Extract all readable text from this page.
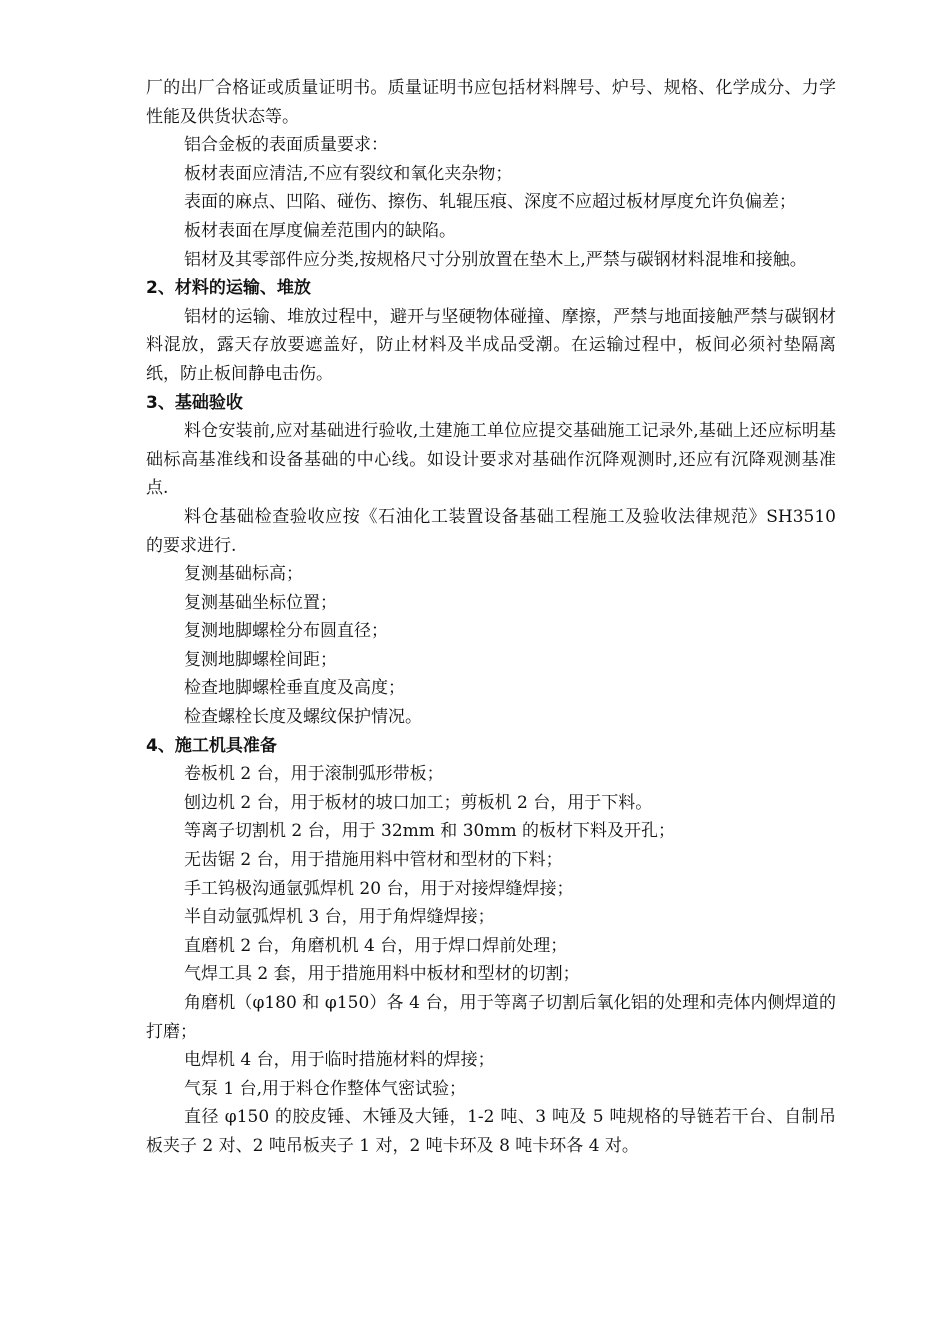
厂的出厂合格证或质量证明书。质量证明书应包括材料牌号、炉号、规格、化学成分、力学性能及供货状态等。

铝合金板的表面质量要求：

板材表面应清洁,不应有裂纹和氧化夹杂物；

表面的麻点、凹陷、碰伤、擦伤、轧辊压痕、深度不应超过板材厚度允许负偏差；

板材表面在厚度偏差范围内的缺陷。

铝材及其零部件应分类,按规格尺寸分别放置在垫木上,严禁与碳钢材料混堆和接触。

2、材料的运输、堆放

铝材的运输、堆放过程中，避开与坚硬物体碰撞、摩擦，严禁与地面接触严禁与碳钢材料混放，露天存放要遮盖好，防止材料及半成品受潮。在运输过程中，板间必须衬垫隔离纸，防止板间静电击伤。

3、基础验收

料仓安装前,应对基础进行验收,土建施工单位应提交基础施工记录外,基础上还应标明基础标高基准线和设备基础的中心线。如设计要求对基础作沉降观测时,还应有沉降观测基准点.

料仓基础检查验收应按《石油化工装置设备基础工程施工及验收法律规范》SH3510 的要求进行.

复测基础标高；

复测基础坐标位置；

复测地脚螺栓分布圆直径；

复测地脚螺栓间距；

检查地脚螺栓垂直度及高度；

检查螺栓长度及螺纹保护情况。

4、施工机具准备

卷板机 2 台，用于滚制弧形带板；

刨边机 2 台，用于板材的坡口加工；剪板机 2 台，用于下料。

等离子切割机 2 台，用于 32mm 和 30mm 的板材下料及开孔；

无齿锯 2 台，用于措施用料中管材和型材的下料；

手工钨极沟通氩弧焊机 20 台，用于对接焊缝焊接；

半自动氩弧焊机 3 台，用于角焊缝焊接；

直磨机 2 台，角磨机机 4 台，用于焊口焊前处理；

气焊工具 2 套，用于措施用料中板材和型材的切割；

角磨机（φ180 和 φ150）各 4 台，用于等离子切割后氧化铝的处理和壳体内侧焊道的打磨；

电焊机 4 台，用于临时措施材料的焊接；

气泵 1 台,用于料仓作整体气密试验；

直径 φ150 的胶皮锤、木锤及大锤，1-2 吨、3 吨及 5 吨规格的导链若干台、自制吊板夹子 2 对、2 吨吊板夹子 1 对，2 吨卡环及 8 吨卡环各 4 对。
